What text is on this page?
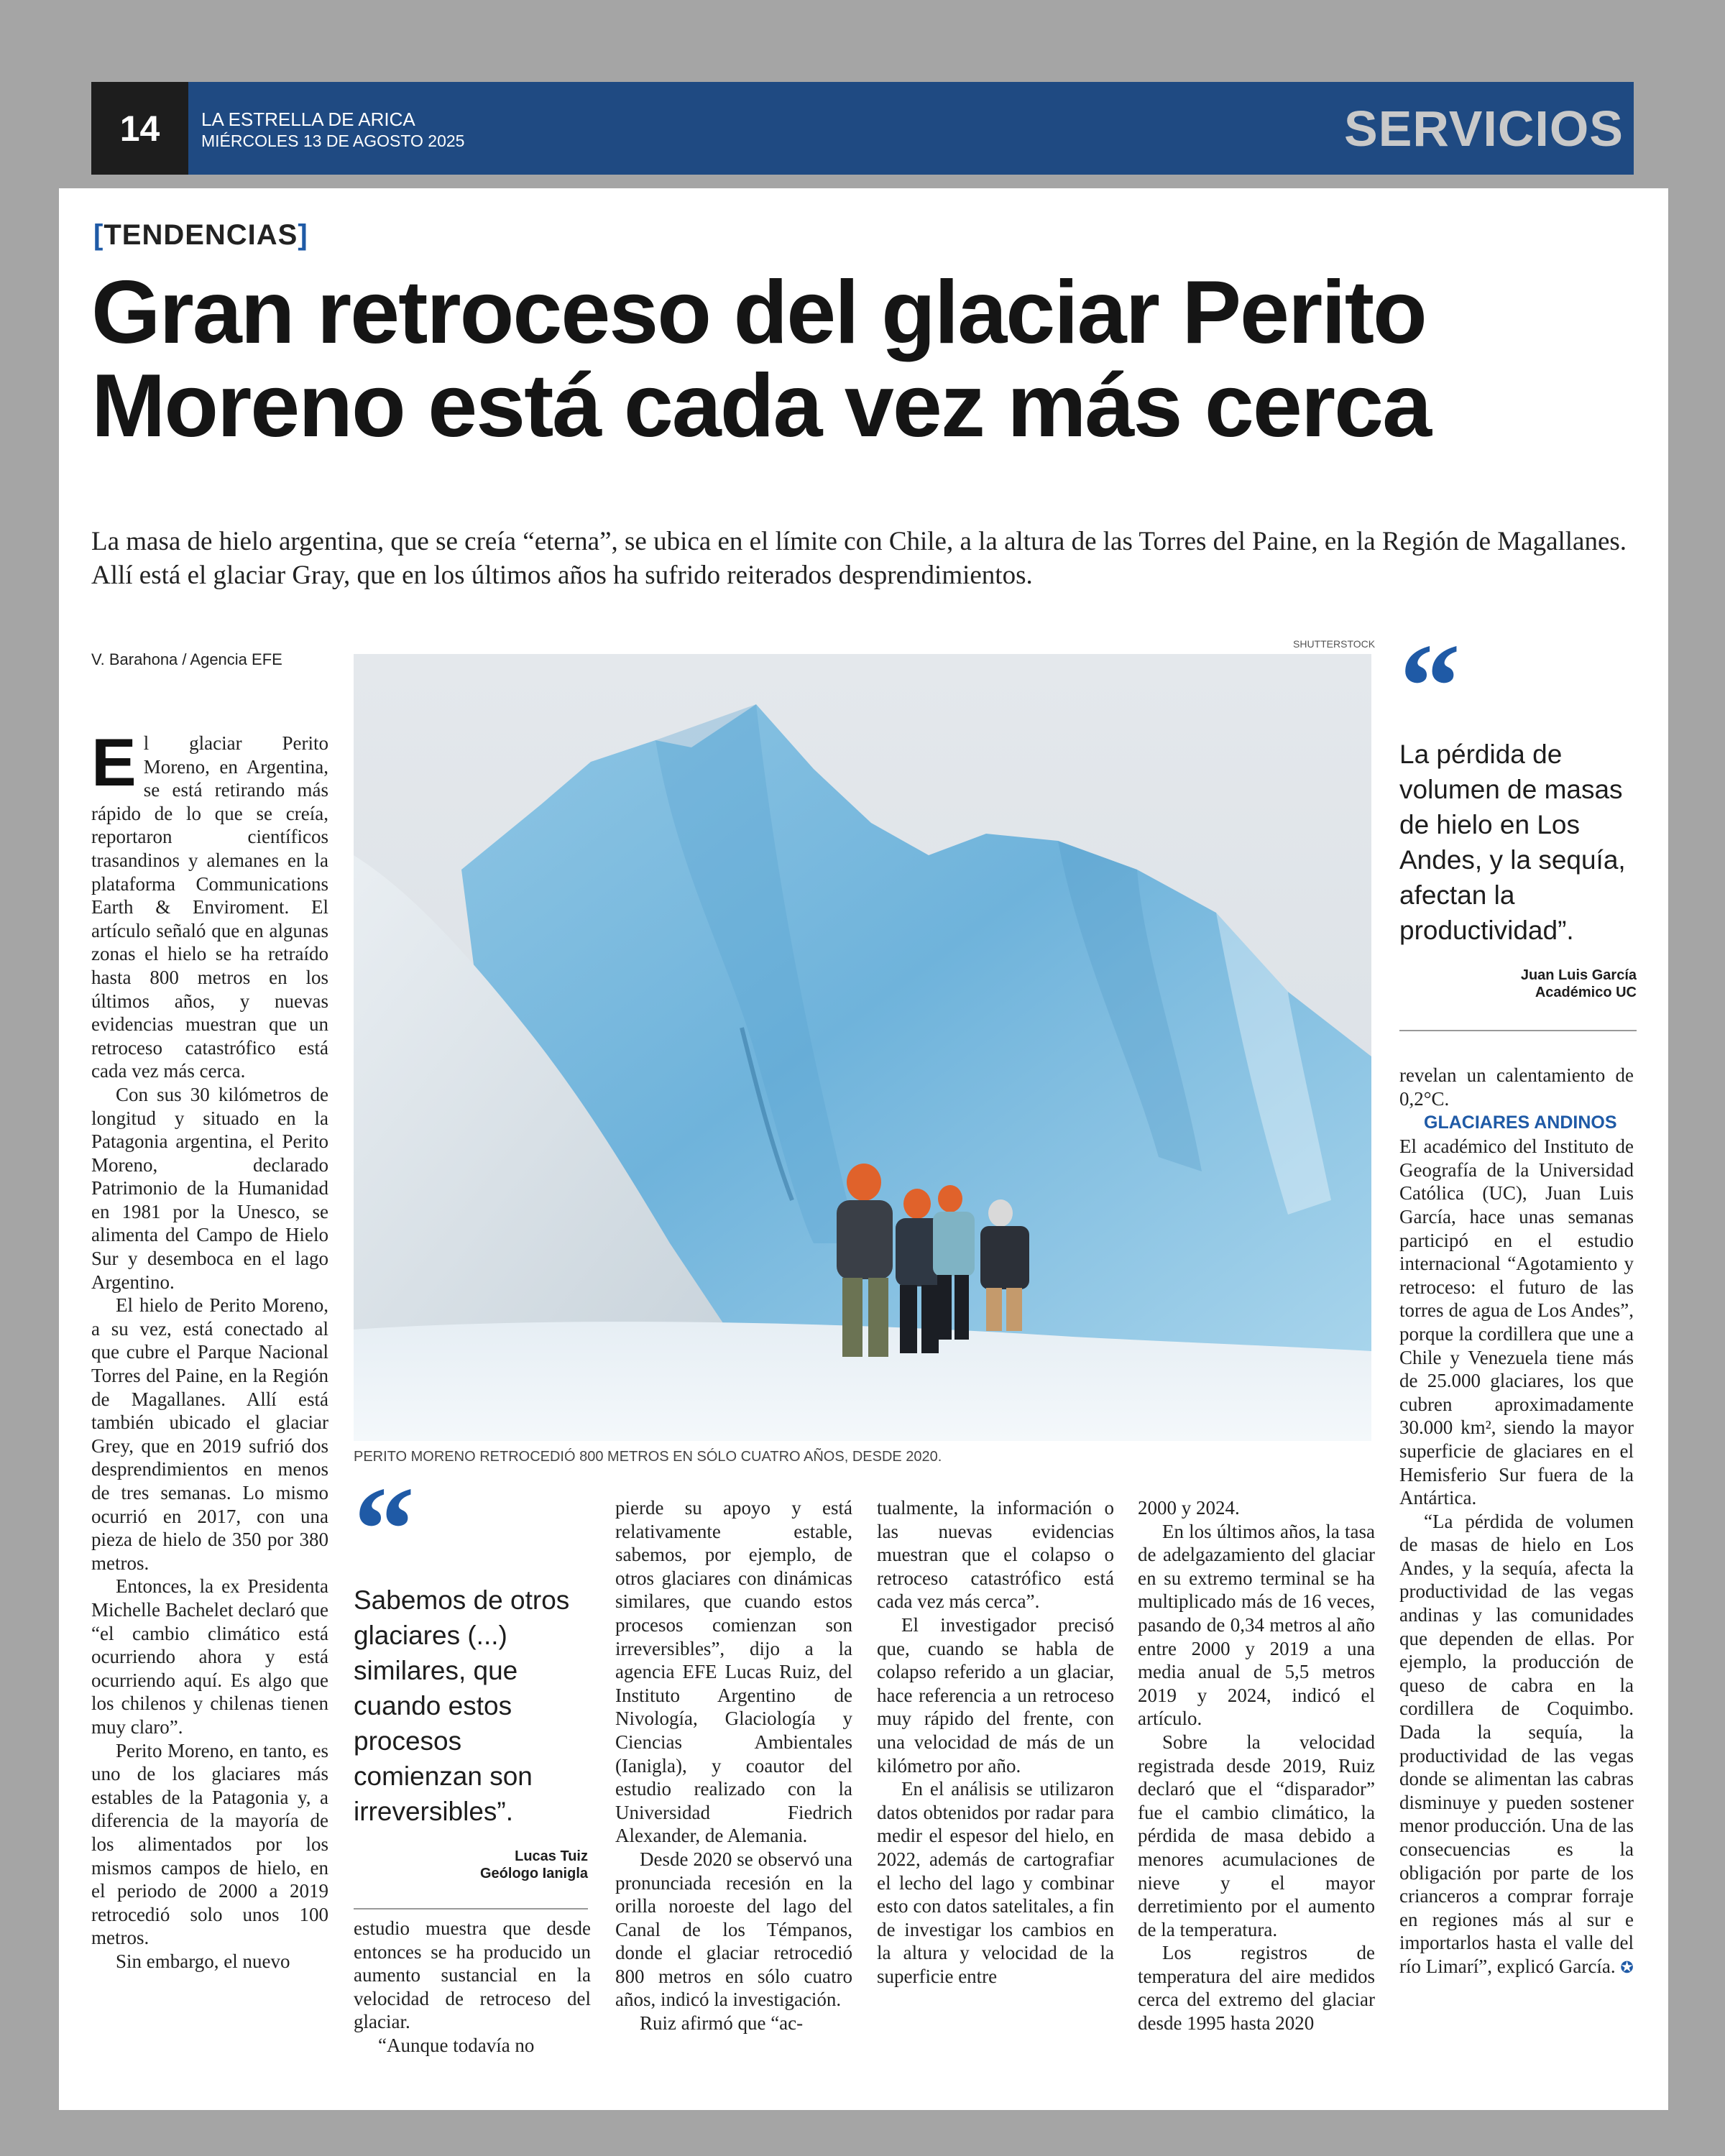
14	LA ESTRELLA DE ARICA
MIÉRCOLES 13 DE AGOSTO 2025	SERVICIOS
[TENDENCIAS]
Gran retroceso del glaciar Perito Moreno está cada vez más cerca

La masa de hielo argentina, que se creía “eterna”, se ubica en el límite con Chile, a la altura de las Torres del Paine, en la Región de Magallanes. Allí está el glaciar Gray, que en los últimos años ha sufrido reiterados desprendimientos.

V. Barahona / Agencia EFE
SHUTTERSTOCK
PERITO MORENO RETROCEDIÓ 800 METROS EN SÓLO CUATRO AÑOS, DESDE 2020.

El glaciar Perito Moreno, en Argentina, se está retirando más rápido de lo que se creía, reportaron científicos trasandinos y alemanes en la plataforma Communications Earth & Enviroment. El artículo señaló que en algunas zonas el hielo se ha retraído hasta 800 metros en los últimos años, y nuevas evidencias muestran que un retroceso catastrófico está cada vez más cerca.

Con sus 30 kilómetros de longitud y situado en la Patagonia argentina, el Perito Moreno, declarado Patrimonio de la Humanidad en 1981 por la Unesco, se alimenta del Campo de Hielo Sur y desemboca en el lago Argentino.

El hielo de Perito Moreno, a su vez, está conectado al que cubre el Parque Nacional Torres del Paine, en la Región de Magallanes. Allí está también ubicado el glaciar Grey, que en 2019 sufrió dos desprendimientos en menos de tres semanas. Lo mismo ocurrió en 2017, con una pieza de hielo de 350 por 380 metros.

Entonces, la ex Presidenta Michelle Bachelet declaró que “el cambio climático está ocurriendo ahora y está ocurriendo aquí. Es algo que los chilenos y chilenas tienen muy claro”.

Perito Moreno, en tanto, es uno de los glaciares más estables de la Patagonia y, a diferencia de la mayoría de los alimentados por los mismos campos de hielo, en el periodo de 2000 a 2019 retrocedió solo unos 100 metros.

Sin embargo, el nuevo

“
Sabemos de otros glaciares (...) similares, que cuando estos procesos comienzan son irreversibles”.
Lucas Tuiz
Geólogo Ianigla

estudio muestra que desde entonces se ha producido un aumento sustancial en la velocidad de retroceso del glaciar.

“Aunque todavía no

pierde su apoyo y está relativamente estable, sabemos, por ejemplo, de otros glaciares con dinámicas similares, que cuando estos procesos comienzan son irreversibles”, dijo a la agencia EFE Lucas Ruiz, del Instituto Argentino de Nivología, Glaciología y Ciencias Ambientales (Ianigla), y coautor del estudio realizado con la Universidad Fiedrich Alexander, de Alemania.

Desde 2020 se observó una pronunciada recesión en la orilla noroeste del lago del Canal de los Témpanos, donde el glaciar retrocedió 800 metros en sólo cuatro años, indicó la investigación.

Ruiz afirmó que “ac-

tualmente, la información o las nuevas evidencias muestran que el colapso o retroceso catastrófico está cada vez más cerca”.

El investigador precisó que, cuando se habla de colapso referido a un glaciar, hace referencia a un retroceso muy rápido del frente, con una velocidad de más de un kilómetro por año.

En el análisis se utilizaron datos obtenidos por radar para medir el espesor del hielo, en 2022, además de cartografiar el lecho del lago y combinar esto con datos satelitales, a fin de investigar los cambios en la altura y velocidad de la superficie entre

2000 y 2024.

En los últimos años, la tasa de adelgazamiento del glaciar en su extremo terminal se ha multiplicado más de 16 veces, pasando de 0,34 metros al año entre 2000 y 2019 a una media anual de 5,5 metros 2019 y 2024, indicó el artículo.

Sobre la velocidad registrada desde 2019, Ruiz declaró que el “disparador” fue el cambio climático, la pérdida de masa debido a menores acumulaciones de nieve y el mayor derretimiento por el aumento de la temperatura.

Los registros de temperatura del aire medidos cerca del extremo del glaciar desde 1995 hasta 2020

“
La pérdida de volumen de masas de hielo en Los Andes, y la sequía, afectan la productividad”.
Juan Luis García
Académico UC

revelan un calentamiento de 0,2°C.

GLACIARES ANDINOS

El académico del Instituto de Geografía de la Universidad Católica (UC), Juan Luis García, hace unas semanas participó en el estudio internacional “Agotamiento y retroceso: el futuro de las torres de agua de Los Andes”, porque la cordillera que une a Chile y Venezuela tiene más de 25.000 glaciares, los que cubren aproximadamente 30.000 km², siendo la mayor superficie de glaciares en el Hemisferio Sur fuera de la Antártica.

“La pérdida de volumen de masas de hielo en Los Andes, y la sequía, afecta la productividad de las vegas andinas y las comunidades que dependen de ellas. Por ejemplo, la producción de queso de cabra en la cordillera de Coquimbo. Dada la sequía, la productividad de las vegas donde se alimentan las cabras disminuye y pueden sostener menor producción. Una de las consecuencias es la obligación por parte de los crianceros a comprar forraje en regiones más al sur e importarlos hasta el valle del río Limarí”, explicó García. ✪
